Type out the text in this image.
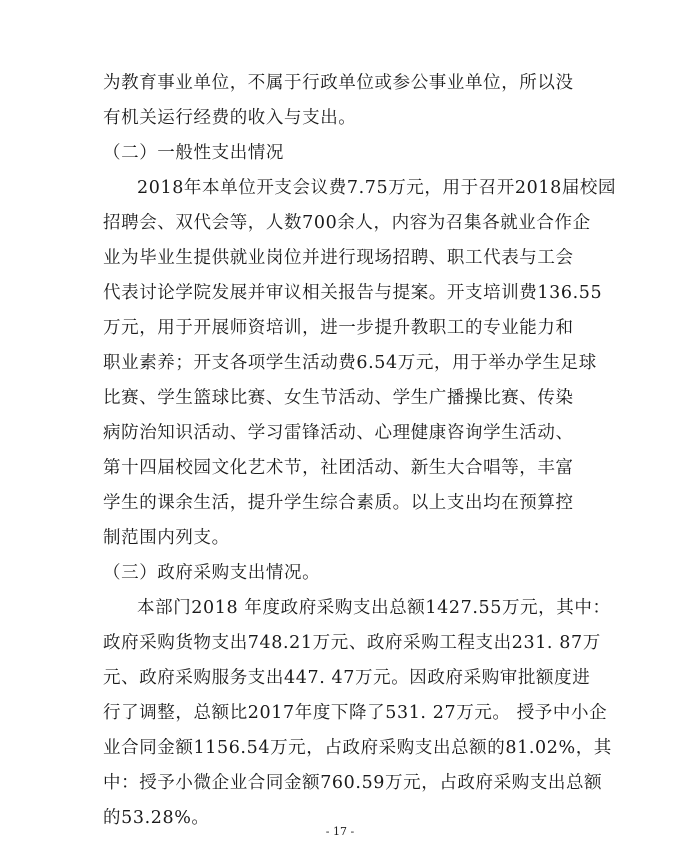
为教育事业单位，不属于行政单位或参公事业单位，所以没
有机关运行经费的收入与支出。
（二）一般性支出情况
2018年本单位开支会议费7.75万元，用于召开2018届校园
招聘会、双代会等，人数700余人，内容为召集各就业合作企
业为毕业生提供就业岗位并进行现场招聘、职工代表与工会
代表讨论学院发展并审议相关报告与提案。开支培训费136.55
万元，用于开展师资培训，进一步提升教职工的专业能力和
职业素养；开支各项学生活动费6.54万元，用于举办学生足球
比赛、学生篮球比赛、女生节活动、学生广播操比赛、传染
病防治知识活动、学习雷锋活动、心理健康咨询学生活动、
第十四届校园文化艺术节，社团活动、新生大合唱等，丰富
学生的课余生活，提升学生综合素质。以上支出均在预算控
制范围内列支。
（三）政府采购支出情况。
本部门2018 年度政府采购支出总额1427.55万元，其中：
政府采购货物支出748.21万元、政府采购工程支出231. 87万
元、政府采购服务支出447. 47万元。因政府采购审批额度进
行了调整，总额比2017年度下降了531. 27万元。 授予中小企
业合同金额1156.54万元，占政府采购支出总额的81.02%，其
中：授予小微企业合同金额760.59万元，占政府采购支出总额
的53.28%。
- 17 -
